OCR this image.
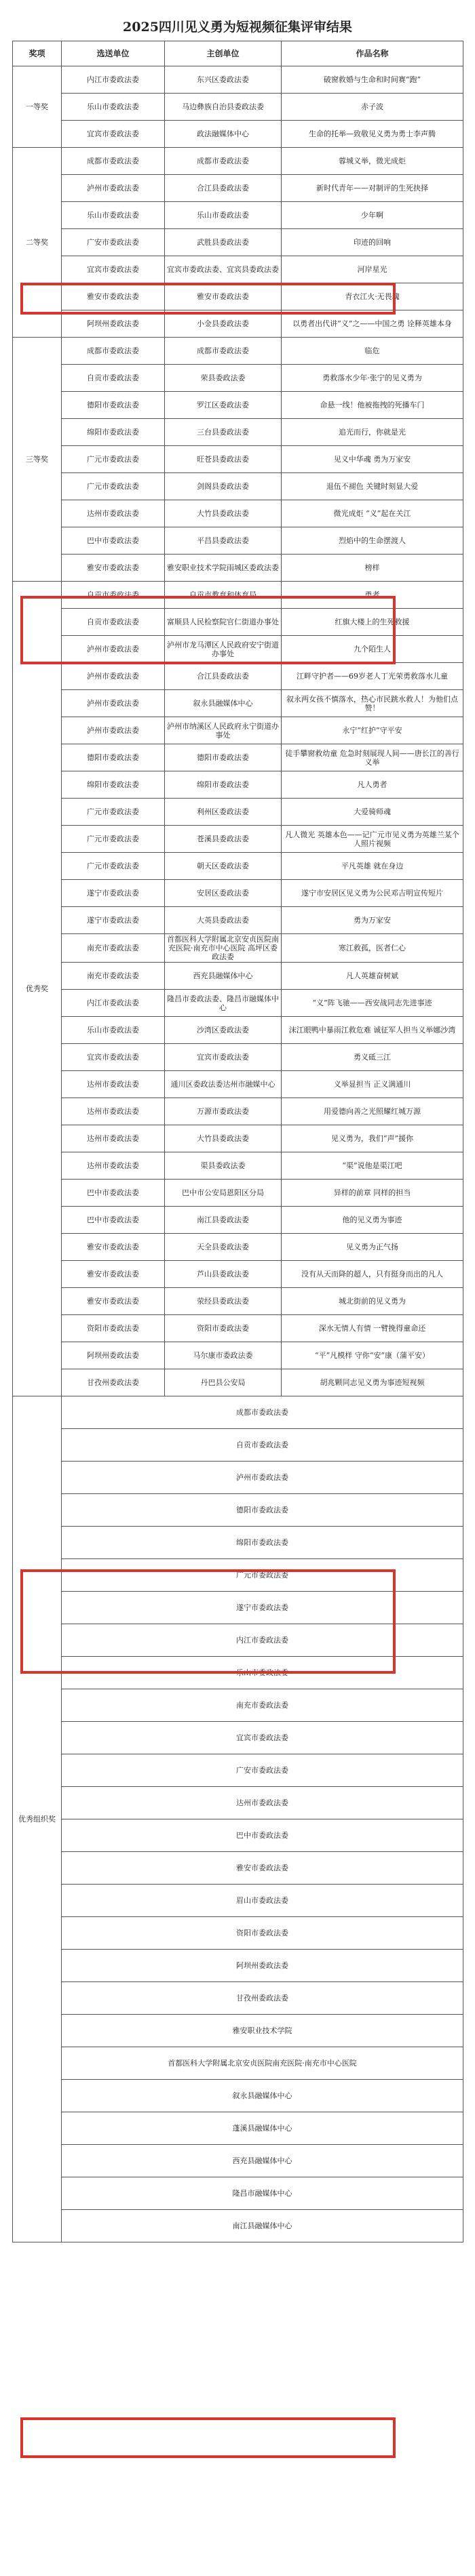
2025四川见义勇为短视频征集评审结果
奖项	选送单位	主创单位	作品名称
一等奖	内江市委政法委	东兴区委政法委	破窗救婚与生命和时间赛“跑”
	乐山市委政法委	马边彝族自治县委政法委	赤子波
	宜宾市委政法委	政法融媒体中心	生命的托举—致敬见义勇为勇士李声腾
二等奖	成都市委政法委	成都市委政法委	蓉城义举，微光成炬
	泸州市委政法委	合江县委政法委	新时代青年——对制评的生死抉择
	乐山市委政法委	乐山市委政法委	少年啊
	广安市委政法委	武胜县委政法委	印迹的回响
	宜宾市委政法委	宜宾市委政法委、宜宾县委政法委	河岸星光
	雅安市委政法委	雅安市委政法委	青衣江火·无畏魂
	阿坝州委政法委	小金县委政法委	以勇者出代讲“义”之——中国之勇 诠释英雄本身
三等奖	成都市委政法委	成都市委政法委	临危
	自贡市委政法委	荣县委政法委	勇救落水少年·张宁的见义勇为
	德阳市委政法委	罗江区委政法委	命悬一线！他被拖拽的死播车门
	绵阳市委政法委	三台县委政法委	追光而行，你就是光
	广元市委政法委	旺苍县委政法委	见义中华魂 勇为万家安
	广元市委政法委	剑阁县委政法委	退伍不褪色 关键时刻显大爱
	达州市委政法委	大竹县委政法委	微光成炬 “义”起在关江
	巴中市委政法委	平昌县委政法委	烈焰中的生命摆渡人
	雅安市委政法委	雅安职业技术学院雨城区委政法委	榜样
优秀奖	自贡市委政法委	自贡市教育和体育局	勇者
	自贡市委政法委	富顺县人民检察院官仁街道办事处	红旗大楼上的生死救援
	泸州市委政法委	泸州市龙马潭区人民政府安宁街道办事处	九个陌生人
	泸州市委政法委	合江县委政法委	江畔守护者——69岁老人丁光荣勇救落水儿童
	泸州市委政法委	叙永县融媒体中心	叙永两女孩不慎落水，热心市民跳水救人！为他们点赞！
	泸州市委政法委	泸州市纳溪区人民政府永宁街道办事处	永宁“红护”守平安
	德阳市委政法委	德阳市委政法委	徒手攀窗救幼童 危急时刻展现人间——唐长江的善行义举
	绵阳市委政法委	绵阳市委政法委	凡人勇者
	广元市委政法委	利州区委政法委	大爱骑师魂
	广元市委政法委	苍溪县委政法委	凡人微光 英雄本色——记广元市见义勇为英雄兰某个人照片视频
	广元市委政法委	朝天区委政法委	平凡英雄 就在身边
	遂宁市委政法委	安居区委政法委	遂宁市安居区见义勇为公民邓吉明宣传短片
	遂宁市委政法委	大英县委政法委	勇为万家安
	南充市委政法委	首都医科大学附属北京安贞医院南充医院·南充市中心医院 高坪区委政法委	寒江救孤，医者仁心
	南充市委政法委	西充县融媒体中心	凡人英雄奋树斌
	内江市委政法委	隆昌市委政法委、隆昌市融媒体中心	“义”阵飞驰——西安战同志先进事迹
	乐山市委政法委	沙湾区委政法委	沫江眼鸭中暴雨江救危难 诚征军人担当义举娜沙湾
	宜宾市委政法委	宜宾市委政法委	勇义砥三江
	达州市委政法委	通川区委政法委达州市融媒中心	义举显担当 正义满通川
	达州市委政法委	万源市委政法委	用爱德向善之光照耀红城万源
	达州市委政法委	大竹县委政法委	见义勇为，我们“声”援你
	达州市委政法委	渠县委政法委	“渠”说他是渠江吧
	巴中市委政法委	巴中市公安局恩阳区分局	异样的前章 同样的担当
	巴中市委政法委	南江县委政法委	他的见义勇为事迹
	雅安市委政法委	天全县委政法委	见义勇为正气扬
	雅安市委政法委	芦山县委政法委	没有从天而降的超人，只有挺身而出的凡人
	雅安市委政法委	荥经县委政法委	城北街前的见义勇为
	资阳市委政法委	资阳市委政法委	深水无情人有情 一臂挽得童命还
	阿坝州委政法委	马尔康市委政法委	“平”凡模样 守你“安”康（蒲平安）
	甘孜州委政法委	丹巴县公安局	胡兆颗同志见义勇为事迹短视频
优秀组织奖	成都市委政法委		
	自贡市委政法委		
	泸州市委政法委		
	德阳市委政法委		
	绵阳市委政法委		
	广元市委政法委		
	遂宁市委政法委		
	内江市委政法委		
	乐山市委政法委		
	南充市委政法委		
	宜宾市委政法委		
	广安市委政法委		
	达州市委政法委		
	巴中市委政法委		
	雅安市委政法委		
	眉山市委政法委		
	资阳市委政法委		
	阿坝州委政法委		
	甘孜州委政法委		
	雅安职业技术学院		
	首都医科大学附属北京安贞医院南充医院·南充市中心医院		
	叙永县融媒体中心		
	蓬溪县融媒体中心		
	西充县融媒体中心		
	隆昌市融媒体中心		
	南江县融媒体中心		
